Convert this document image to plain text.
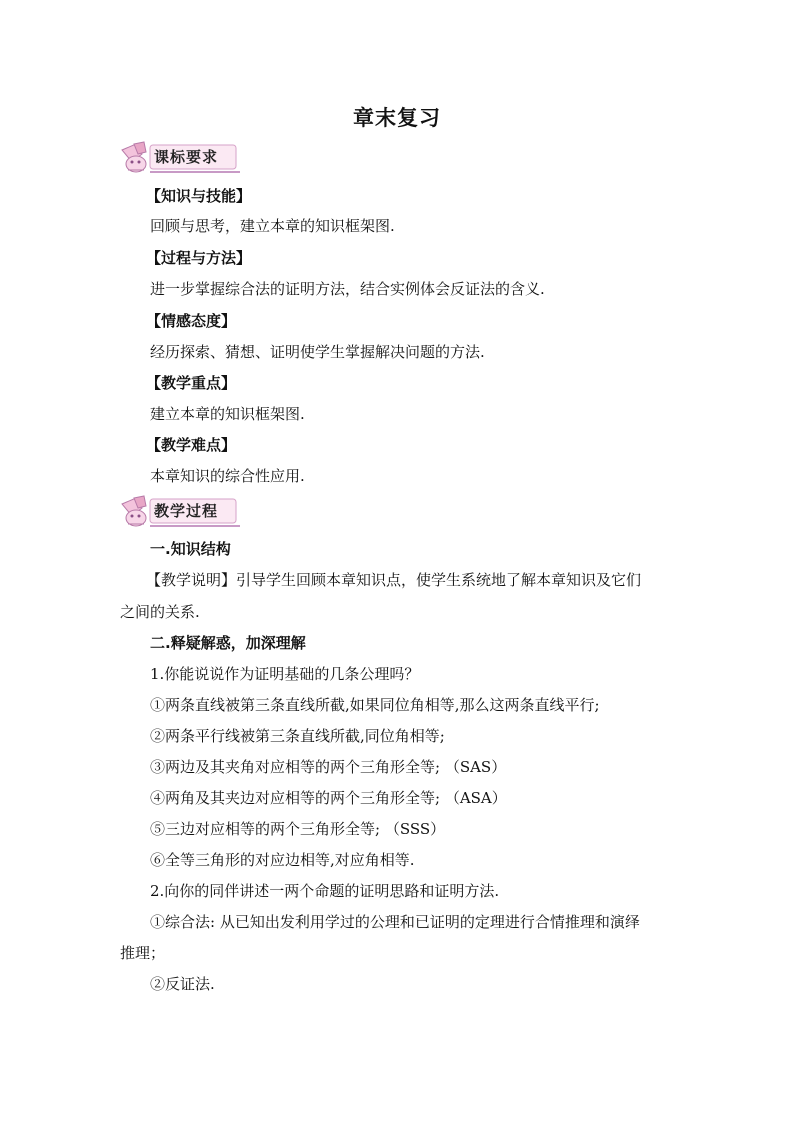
章末复习
课标要求
【知识与技能】
回顾与思考，建立本章的知识框架图.
【过程与方法】
进一步掌握综合法的证明方法，结合实例体会反证法的含义.
【情感态度】
经历探索、猜想、证明使学生掌握解决问题的方法.
【教学重点】
建立本章的知识框架图.
【教学难点】
本章知识的综合性应用.
教学过程
一.知识结构
【教学说明】引导学生回顾本章知识点，使学生系统地了解本章知识及它们
之间的关系.
二.释疑解惑，加深理解
1.你能说说作为证明基础的几条公理吗？
①两条直线被第三条直线所截,如果同位角相等,那么这两条直线平行;
②两条平行线被第三条直线所截,同位角相等;
③两边及其夹角对应相等的两个三角形全等; （SAS）
④两角及其夹边对应相等的两个三角形全等; （ASA）
⑤三边对应相等的两个三角形全等; （SSS）
⑥全等三角形的对应边相等,对应角相等.
2.向你的同伴讲述一两个命题的证明思路和证明方法.
①综合法: 从已知出发利用学过的公理和已证明的定理进行合情推理和演绎
推理；
②反证法.
